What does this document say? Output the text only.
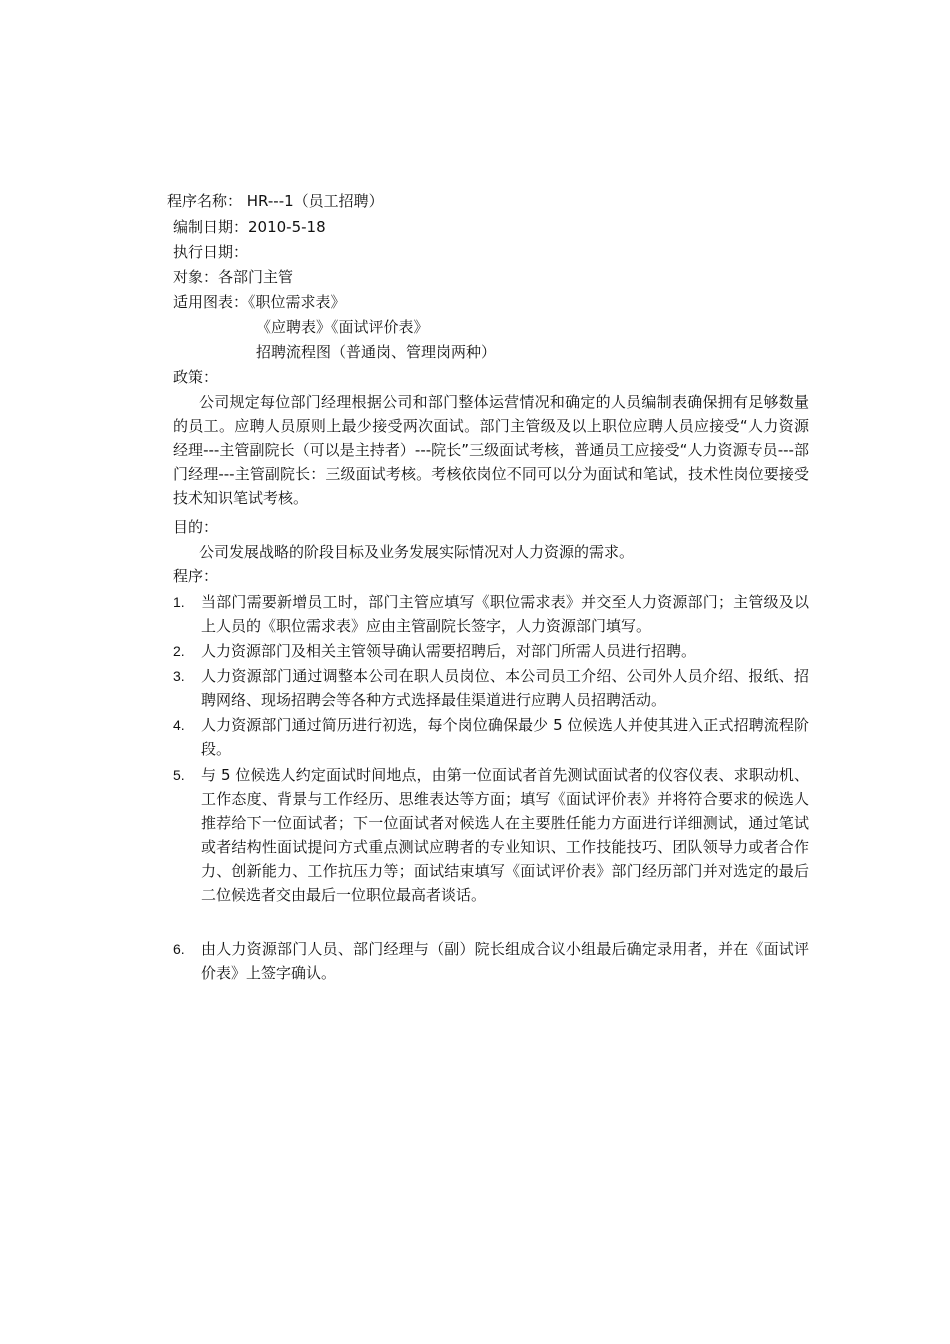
程序名称： HR---1（员工招聘）
编制日期：2010-5-18
执行日期：
对象：各部门主管
适用图表：《职位需求表》
《应聘表》《面试评价表》
招聘流程图（普通岗、管理岗两种）
政策：
公司规定每位部门经理根据公司和部门整体运营情况和确定的人员编制表确保拥有足够数量的员工。应聘人员原则上最少接受两次面试。部门主管级及以上职位应聘人员应接受“人力资源经理---主管副院长（可以是主持者）---院长”三级面试考核，普通员工应接受“人力资源专员---部门经理---主管副院长：三级面试考核。考核依岗位不同可以分为面试和笔试，技术性岗位要接受技术知识笔试考核。
目的：
公司发展战略的阶段目标及业务发展实际情况对人力资源的需求。
程序：
1.	当部门需要新增员工时，部门主管应填写《职位需求表》并交至人力资源部门；主管级及以上人员的《职位需求表》应由主管副院长签字，人力资源部门填写。
2.	人力资源部门及相关主管领导确认需要招聘后，对部门所需人员进行招聘。
3.	人力资源部门通过调整本公司在职人员岗位、本公司员工介绍、公司外人员介绍、报纸、招聘网络、现场招聘会等各种方式选择最佳渠道进行应聘人员招聘活动。
4.	人力资源部门通过简历进行初选，每个岗位确保最少 5 位候选人并使其进入正式招聘流程阶段。
5.	与 5 位候选人约定面试时间地点，由第一位面试者首先测试面试者的仪容仪表、求职动机、工作态度、背景与工作经历、思维表达等方面；填写《面试评价表》并将符合要求的候选人推荐给下一位面试者；下一位面试者对候选人在主要胜任能力方面进行详细测试，通过笔试或者结构性面试提问方式重点测试应聘者的专业知识、工作技能技巧、团队领导力或者合作力、创新能力、工作抗压力等；面试结束填写《面试评价表》部门经历部门并对选定的最后二位候选者交由最后一位职位最高者谈话。
6.	由人力资源部门人员、部门经理与（副）院长组成合议小组最后确定录用者，并在《面试评价表》上签字确认。
